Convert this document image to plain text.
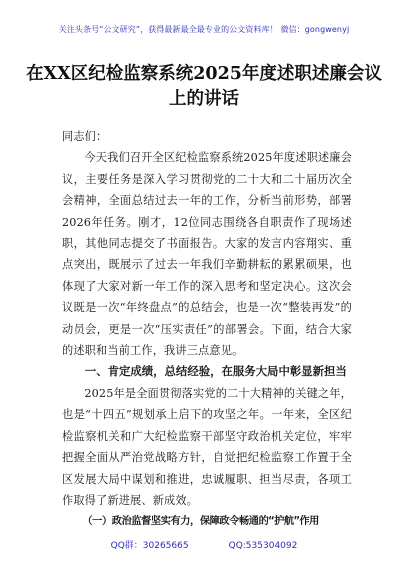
关注头条号“公文研究”，获得最新最全最专业的公文资料库！ 微信：gongwenyj
在XX区纪检监察系统2025年度述职述廉会议上的讲话

同志们：

今天我们召开全区纪检监察系统2025年度述职述廉会议，主要任务是深入学习贯彻党的二十大和二十届历次全会精神，全面总结过去一年的工作，分析当前形势，部署2026年任务。刚才，12位同志围绕各自职责作了现场述职，其他同志提交了书面报告。大家的发言内容翔实、重点突出，既展示了过去一年我们辛勤耕耘的累累硕果，也体现了大家对新一年工作的深入思考和坚定决心。这次会议既是一次“年终盘点”的总结会，也是一次“整装再发”的动员会，更是一次“压实责任”的部署会。下面，结合大家的述职和当前工作，我讲三点意见。

一、肯定成绩，总结经验，在服务大局中彰显新担当

2025年是全面贯彻落实党的二十大精神的关键之年，也是“十四五”规划承上启下的攻坚之年。一年来，全区纪检监察机关和广大纪检监察干部坚守政治机关定位，牢牢把握全面从严治党战略方针，自觉把纪检监察工作置于全区发展大局中谋划和推进，忠诚履职、担当尽责，各项工作取得了新进展、新成效。

（一）政治监督坚实有力，保障政令畅通的“护航”作用

QQ群：30265665	QQ:535304092
